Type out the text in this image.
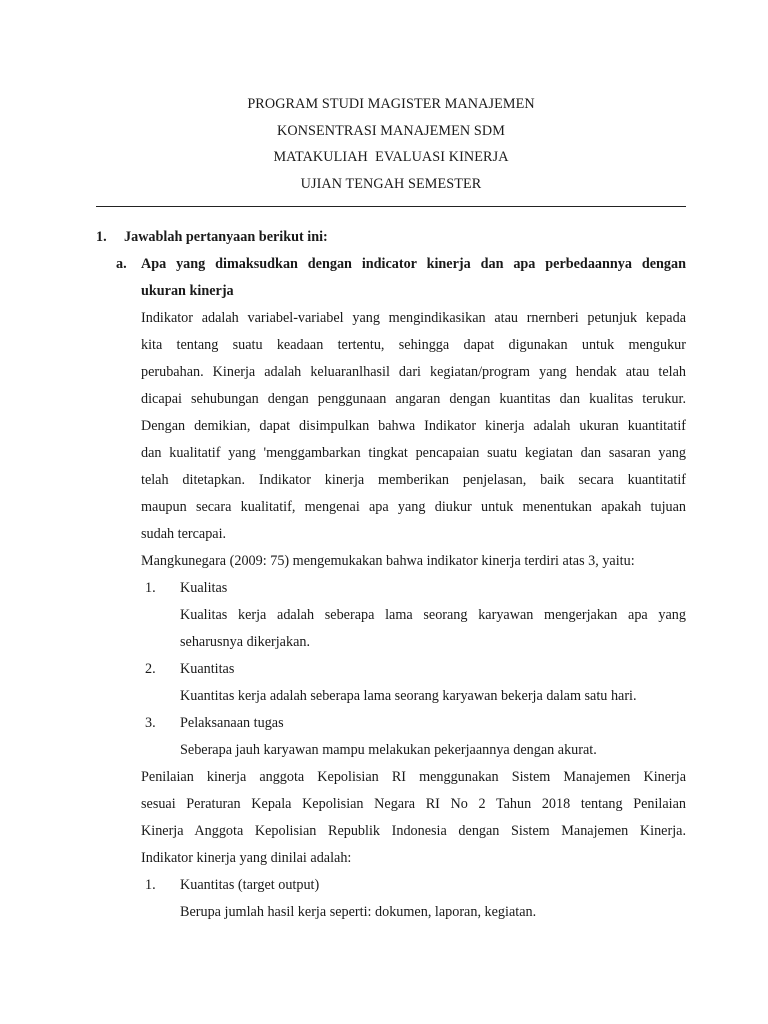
PROGRAM STUDI MAGISTER MANAJEMEN
KONSENTRASI MANAJEMEN SDM
MATAKULIAH  EVALUASI KINERJA
UJIAN TENGAH SEMESTER
1. Jawablah pertanyaan berikut ini:
a. Apa yang dimaksudkan dengan indicator kinerja dan apa perbedaannya dengan
ukuran kinerja
Indikator adalah variabel-variabel yang mengindikasikan atau rnernberi petunjuk kepada
kita tentang suatu keadaan tertentu, sehingga dapat digunakan untuk mengukur
perubahan. Kinerja adalah keluaranlhasil dari kegiatan/program yang hendak atau telah
dicapai sehubungan dengan penggunaan angaran dengan kuantitas dan kualitas terukur.
Dengan demikian, dapat disimpulkan bahwa Indikator kinerja adalah ukuran kuantitatif
dan kualitatif yang 'menggambarkan tingkat pencapaian suatu kegiatan dan sasaran yang
telah ditetapkan. Indikator kinerja memberikan penjelasan, baik secara kuantitatif
maupun secara kualitatif, mengenai apa yang diukur untuk menentukan apakah tujuan
sudah tercapai.
Mangkunegara (2009: 75) mengemukakan bahwa indikator kinerja terdiri atas 3, yaitu:
1. Kualitas
Kualitas kerja adalah seberapa lama seorang karyawan mengerjakan apa yang
seharusnya dikerjakan.
2. Kuantitas
Kuantitas kerja adalah seberapa lama seorang karyawan bekerja dalam satu hari.
3. Pelaksanaan tugas
Seberapa jauh karyawan mampu melakukan pekerjaannya dengan akurat.
Penilaian kinerja anggota Kepolisian RI menggunakan Sistem Manajemen Kinerja
sesuai Peraturan Kepala Kepolisian Negara RI No 2 Tahun 2018 tentang Penilaian
Kinerja Anggota Kepolisian Republik Indonesia dengan Sistem Manajemen Kinerja.
Indikator kinerja yang dinilai adalah:
1. Kuantitas (target output)
Berupa jumlah hasil kerja seperti: dokumen, laporan, kegiatan.
